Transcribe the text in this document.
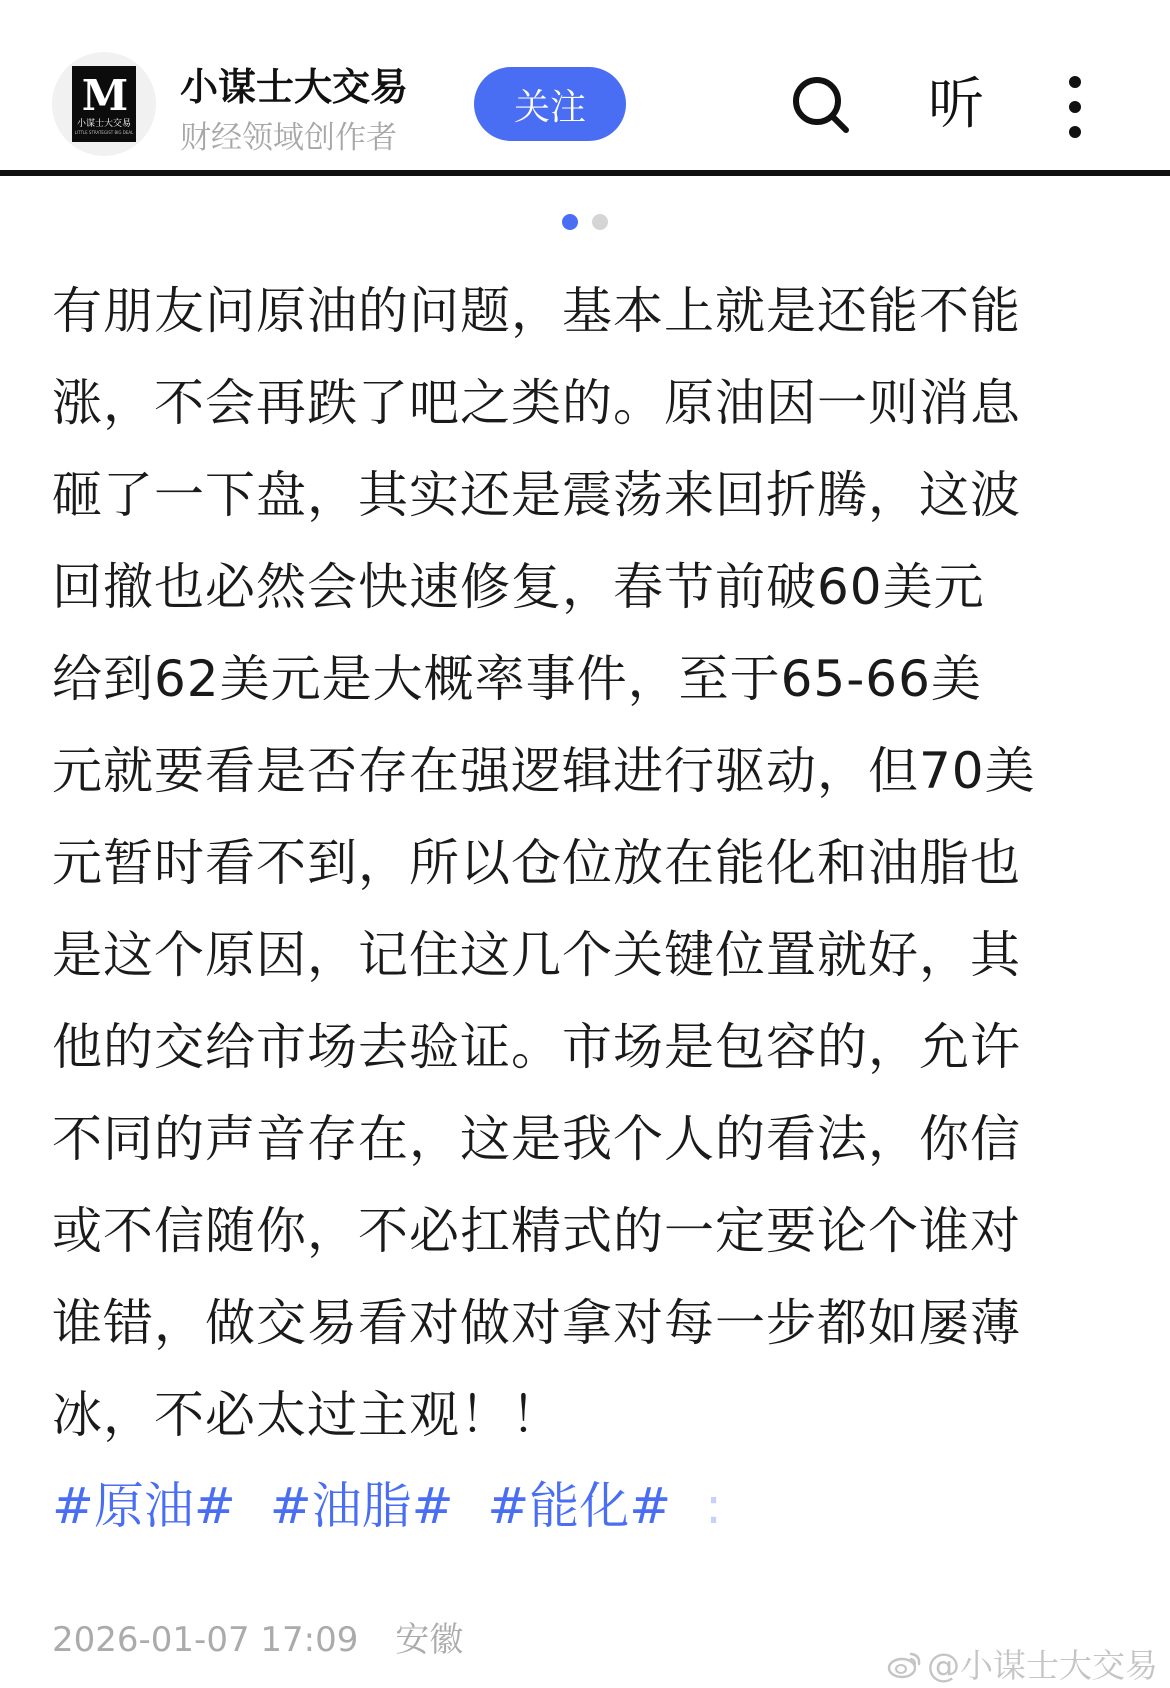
M
小谋士大交易
LITTLE STRATEGIST BIG DEAL
小谋士大交易
财经领域创作者
关注	听
有朋友问原油的问题，基本上就是还能不能
涨，不会再跌了吧之类的。原油因一则消息
砸了一下盘，其实还是震荡来回折腾，这波
回撤也必然会快速修复，春节前破60美元
给到62美元是大概率事件，至于65-66美
元就要看是否存在强逻辑进行驱动，但70美
元暂时看不到，所以仓位放在能化和油脂也
是这个原因，记住这几个关键位置就好，其
他的交给市场去验证。市场是包容的，允许
不同的声音存在，这是我个人的看法，你信
或不信随你，不必扛精式的一定要论个谁对
谁错，做交易看对做对拿对每一步都如屡薄
冰，不必太过主观！！
#原油# #油脂# #能化# :
2026-01-07 17:09 安徽
@小谋士大交易
